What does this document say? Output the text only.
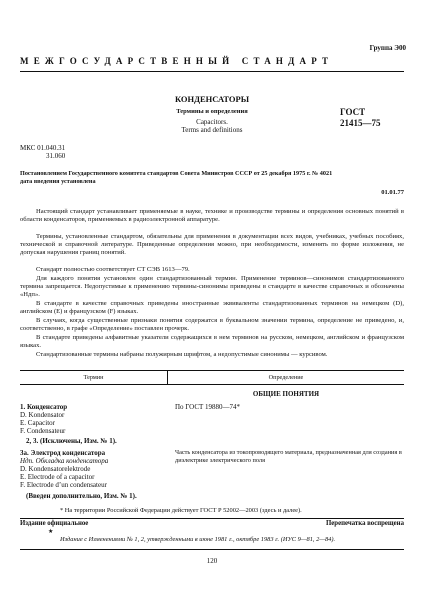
Группа Э00
МЕЖГОСУДАРСТВЕННЫЙ СТАНДАРТ
КОНДЕНСАТОРЫ
Термины и определения
Capacitors.
Terms and definitions
ГОСТ
21415—75
МКС 01.040.31
31.060
Постановлением Государственного комитета стандартов Совета Министров СССР от 25 декабря 1975 г. № 4021
дата введения установлена
01.01.77
Настоящий стандарт устанавливает применяемые в науке, технике и производстве термины и определения основных понятий в области конденсаторов, применяемых в радиоэлектронной аппаратуре.
Термины, установленные стандартом, обязательны для применения в документации всех видов, учебниках, учебных пособиях, технической и справочной литературе. Приведенные определения можно, при необходимости, изменять по форме изложения, не допуская нарушения границ понятий.
Стандарт полностью соответствует СТ СЭВ 1613—79.
Для каждого понятия установлен один стандартизованный термин. Применение терминов—синонимов стандартизованного термина запрещается. Недопустимые к применению термины-синонимы приведены в стандарте в качестве справочных и обозначены «Ндп».
В стандарте в качестве справочных приведены иностранные эквиваленты стандартизованных терминов на немецком (D), английском (E) и французском (F) языках.
В случаях, когда существенные признаки понятия содержатся в буквальном значении термина, определение не приведено, и, соответственно, в графе «Определение» поставлен прочерк.
В стандарте приведены алфавитные указатели содержащихся в нем терминов на русском, немецком, английском и французском языках.
Стандартизованные термины набраны полужирным шрифтом, а недопустимые синонимы — курсивом.
Термин	Определение
ОБЩИЕ ПОНЯТИЯ
1. Конденсатор
D. Kondensator
E. Capacitor
F. Condensateur
По ГОСТ 19880—74*
2, 3. (Исключены, Изм. № 1).
3а. Электрод конденсатора
Ндп. Обкладка конденсатора
D. Kondensatorelektrode
E. Electrode of a capacitor
F. Electrode d’un condensateur
Часть конденсатора из токопроводящего материала, предназначенная для создания в диэлектрике электрического поля
(Введен дополнительно, Изм. № 1).
* На территории Российской Федерации действует ГОСТ Р 52002—2003 (здесь и далее).
Издание официальное	Перепечатка воспрещена
★
Издание с Изменениями № 1, 2, утвержденными в июне 1981 г., октябре 1983 г. (ИУС 9—81, 2—84).
120
